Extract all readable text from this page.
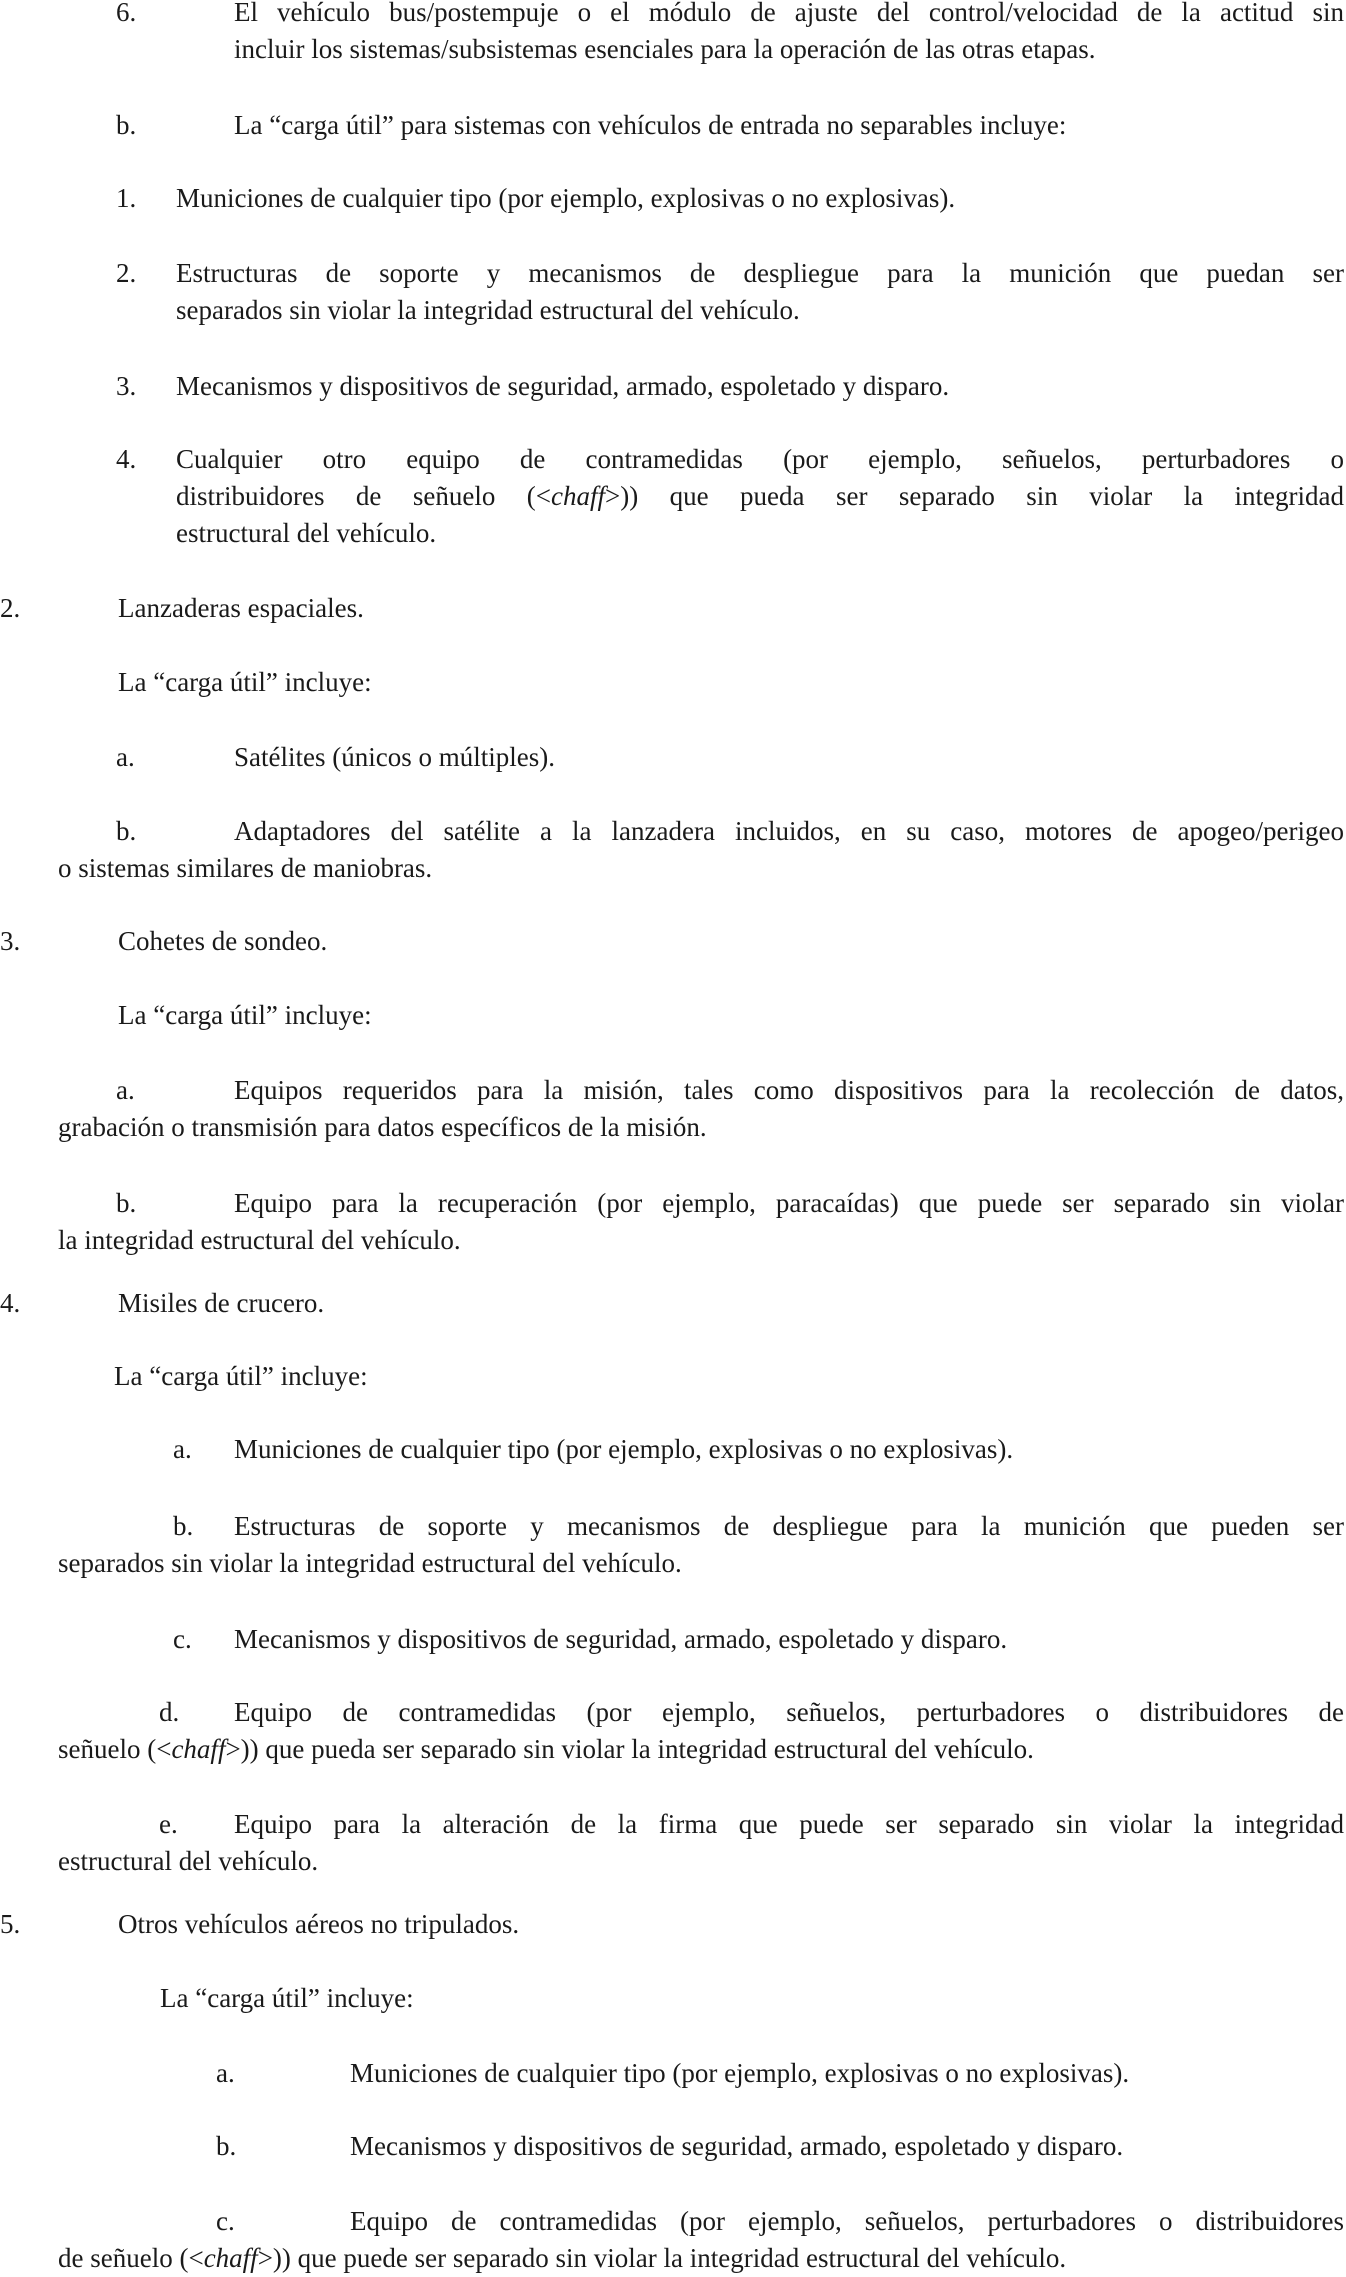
6.	El vehículo bus/postempuje o el módulo de ajuste del control/velocidad de la actitud sin
incluir los sistemas/subsistemas esenciales para la operación de las otras etapas.
b.	La “carga útil” para sistemas con vehículos de entrada no separables incluye:
1. Municiones de cualquier tipo (por ejemplo, explosivas o no explosivas).
2. Estructuras de soporte y mecanismos de despliegue para la munición que puedan ser
separados sin violar la integridad estructural del vehículo.
3. Mecanismos y dispositivos de seguridad, armado, espoletado y disparo.
4. Cualquier otro equipo de contramedidas (por ejemplo, señuelos, perturbadores o
distribuidores de señuelo (<chaff>)) que pueda ser separado sin violar la integridad
estructural del vehículo.
2.	Lanzaderas espaciales.
La “carga útil” incluye:
a.	Satélites (únicos o múltiples).
b.	Adaptadores del satélite a la lanzadera incluidos, en su caso, motores de apogeo/perigeo
o sistemas similares de maniobras.
3.	Cohetes de sondeo.
La “carga útil” incluye:
a.	Equipos requeridos para la misión, tales como dispositivos para la recolección de datos,
grabación o transmisión para datos específicos de la misión.
b.	Equipo para la recuperación (por ejemplo, paracaídas) que puede ser separado sin violar
la integridad estructural del vehículo.
4.	Misiles de crucero.
La “carga útil” incluye:
a. Municiones de cualquier tipo (por ejemplo, explosivas o no explosivas).
b. Estructuras de soporte y mecanismos de despliegue para la munición que pueden ser
separados sin violar la integridad estructural del vehículo.
c. Mecanismos y dispositivos de seguridad, armado, espoletado y disparo.
d. Equipo de contramedidas (por ejemplo, señuelos, perturbadores o distribuidores de
señuelo (<chaff>)) que pueda ser separado sin violar la integridad estructural del vehículo.
e. Equipo para la alteración de la firma que puede ser separado sin violar la integridad
estructural del vehículo.
5.	Otros vehículos aéreos no tripulados.
La “carga útil” incluye:
a.	Municiones de cualquier tipo (por ejemplo, explosivas o no explosivas).
b.	Mecanismos y dispositivos de seguridad, armado, espoletado y disparo.
c.	Equipo de contramedidas (por ejemplo, señuelos, perturbadores o distribuidores
de señuelo (<chaff>)) que puede ser separado sin violar la integridad estructural del vehículo.
